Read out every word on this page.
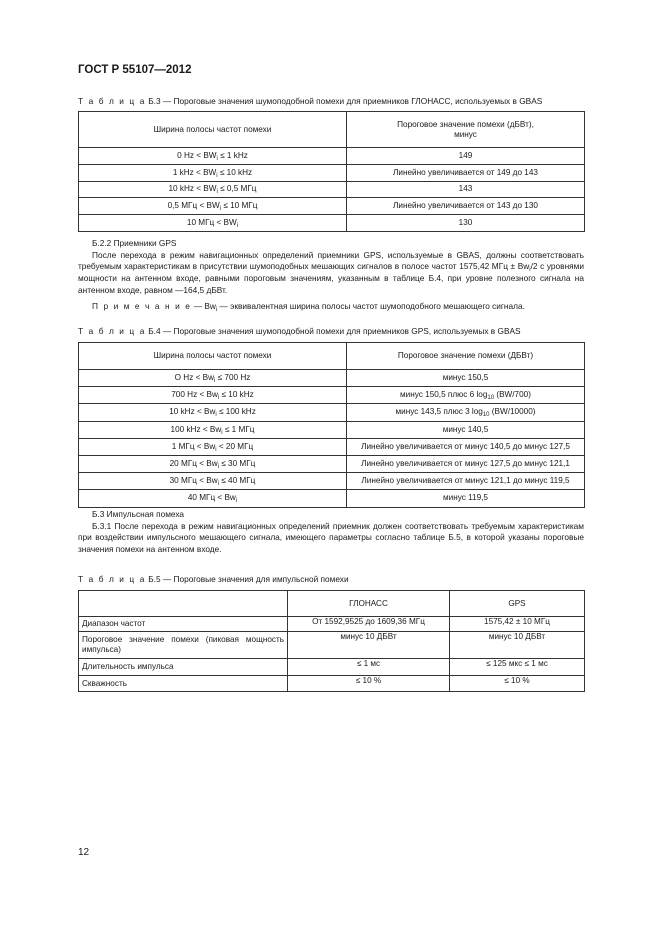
ГОСТ Р 55107—2012
Т а б л и ц а Б.3 — Пороговые значения шумоподобной помехи для приемников ГЛОНАСС, используемых в GBAS
Ширина полосы частот помехи	Пороговое значение помехи (дБВт),
минус

0 $Hz < BW_i \le 1$ kHz	149
1 kHz < $BW_i \le 10$ kHz	Линейно увеличивается от 149 до 143
10 kHz < $BW_i \le 0,5$ МГц	143
0,5 МГц < $BW_i \le 10$ МГц	Линейно увеличивается от 143 до 130
10 МГц < $BW_i$	130

Б.2.2 Приемники GPS

После перехода в режим навигационных определений приемники GPS, используемые в GBAS, должны соответствовать требуемым характеристикам в присутствии шумоподобных мешающих сигналов в полосе частот 1575,42 МГц ± $Bw_i/2$ с уровнями мощности на антенном входе, равными пороговым значениям, указанным в таблице Б.4, при уровне полезного сигнала на антенном входе, равном —164,5 дБВт.

П р и м е ч а н и е — $Bw_i$ — эквивалентная ширина полосы частот шумоподобного мешающего сигнала.

Т а б л и ц а Б.4 — Пороговые значения шумоподобной помехи для приемников GPS, используемых в GBAS
Ширина полосы частот помехи	Пороговое значение помехи (ДБВт)
O $Hz < Bw_i \le 700$ Hz	минус 150,5
700 $Hz < Bw_i \le 10$ kHz	минус 150,5 плюс 6 $\log_{10} (BW/700)$
10 kHz < $Bw_i \le 100$ kHz	минус 143,5 плюс 3 $\log_{10} (BW/10000)$
100 kHz < $Bw_i \le 1$ МГц	минус 140,5
1 МГц < $Bw_i < 20$ МГц	Линейно увеличивается от минус 140,5 до минус 127,5
20 МГц < $Bw_i \le 30$ МГц	Линейно увеличивается от минус 127,5 до минус 121,1
30 МГц < $Bw_i \le 40$ МГц	Линейно увеличивается от минус 121,1 до минус 119,5
40 МГц < $Bw_i$	минус 119,5

Б.3 Импульсная помеха

Б.3.1 После перехода в режим навигационных определений приемник должен соответствовать требуемым характеристикам при воздействии импульсного мешающего сигнала, имеющего параметры согласно таблице Б.5, в которой указаны пороговые значения помехи на антенном входе.

Т а б л и ц а Б.5 — Пороговые значения для импульсной помехи
	ГЛОНАСС	GPS
Диапазон частот	От 1592,9525 до 1609,36 МГц	1575,42 ± 10 МГц
Пороговое значение помехи (пиковая мощность импульса)	минус 10 ДБВт	минус 10 ДБВт
Длительность импульса	≤ 1 мс	≤ 125 мкс ≤ 1 мс
Скважность	≤ 10 %	≤ 10 %
12
